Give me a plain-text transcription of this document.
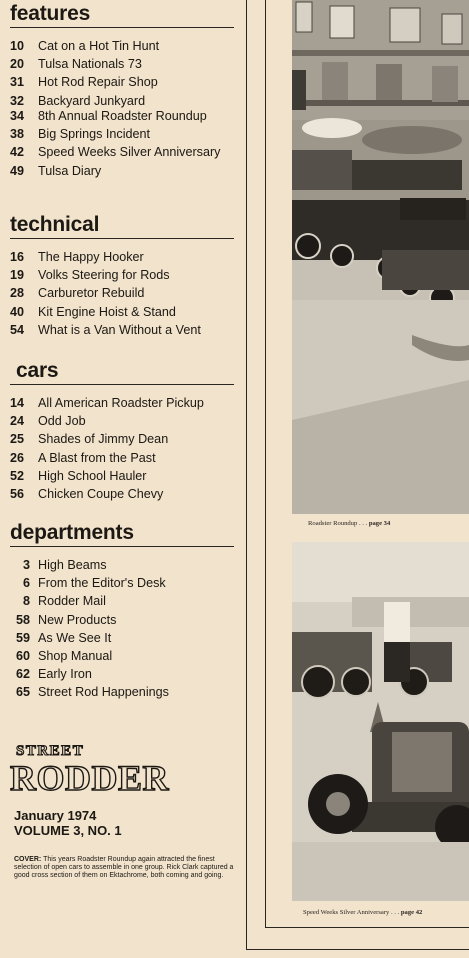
features
10	Cat on a Hot Tin Hunt
20	Tulsa Nationals 73
31	Hot Rod Repair Shop
32	Backyard Junkyard
34	8th Annual Roadster Roundup
38	Big Springs Incident
42	Speed Weeks Silver Anniversary
49	Tulsa Diary
technical
16	The Happy Hooker
19	Volks Steering for Rods
28	Carburetor Rebuild
40	Kit Engine Hoist & Stand
54	What is a Van Without a Vent
cars
14	All American Roadster Pickup
24	Odd Job
25	Shades of Jimmy Dean
26	A Blast from the Past
52	High School Hauler
56	Chicken Coupe Chevy
departments
3 High Beams
6 From the Editor's Desk
8 Rodder Mail
58 New Products
59 As We See It
60 Shop Manual
62 Early Iron
65 Street Rod Happenings
STREET
RODDER
January 1974
VOLUME 3, NO. 1
COVER: This years Roadster Roundup again attracted the finest selection of open cars to assemble in one group. Rick Clark captured a good cross section of them on Ektachrome, both coming and going.
Roadster Roundup . . . page 34
Speed Weeks Silver Anniversary . . . page 42
